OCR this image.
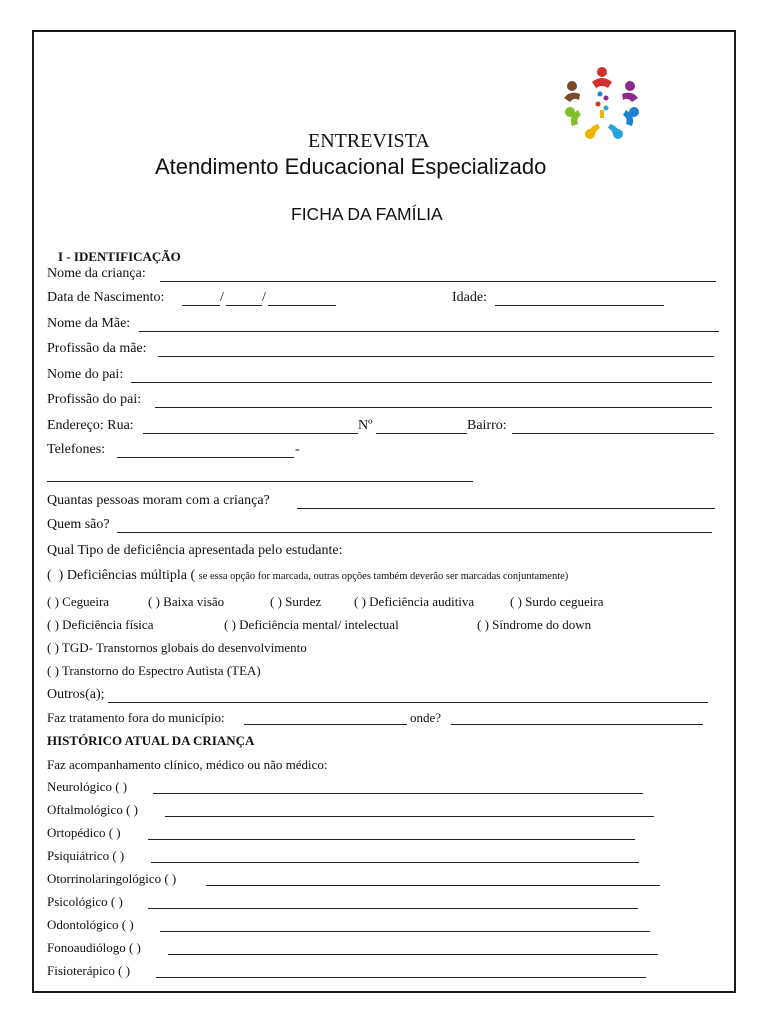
ENTREVISTA
Atendimento Educacional Especializado
FICHA DA FAMÍLIA
I - IDENTIFICAÇÃO
Nome da criança:
Data de Nascimento:	/	/	Idade:
Nome da Mãe:
Profissão da mãe:
Nome do pai:
Profissão do pai:
Endereço: Rua:	Nº	Bairro:
Telefones:	-
Quantas pessoas moram com a criança?
Quem são?
Qual Tipo de deficiência apresentada pelo estudante:
(  ) Deficiências múltipla ( se essa opção for marcada, outras opções também deverão ser marcadas conjuntamente)
( ) Cegueira	( ) Baixa visão	( ) Surdez	( ) Deficiência auditiva	( ) Surdo cegueira
( ) Deficiência física	( ) Deficiência mental/ intelectual	( ) Síndrome do down
( ) TGD- Transtornos globais do desenvolvimento
( ) Transtorno do Espectro Autista (TEA)
Outros(a);
Faz tratamento fora do município:	onde?
HISTÓRICO ATUAL DA CRIANÇA
Faz acompanhamento clínico, médico ou não médico:
Neurológico ( )
Oftalmológico ( )
Ortopédico ( )
Psiquiátrico ( )
Otorrinolaringológico ( )
Psicológico ( )
Odontológico ( )
Fonoaudiólogo ( )
Fisioterápico ( )
